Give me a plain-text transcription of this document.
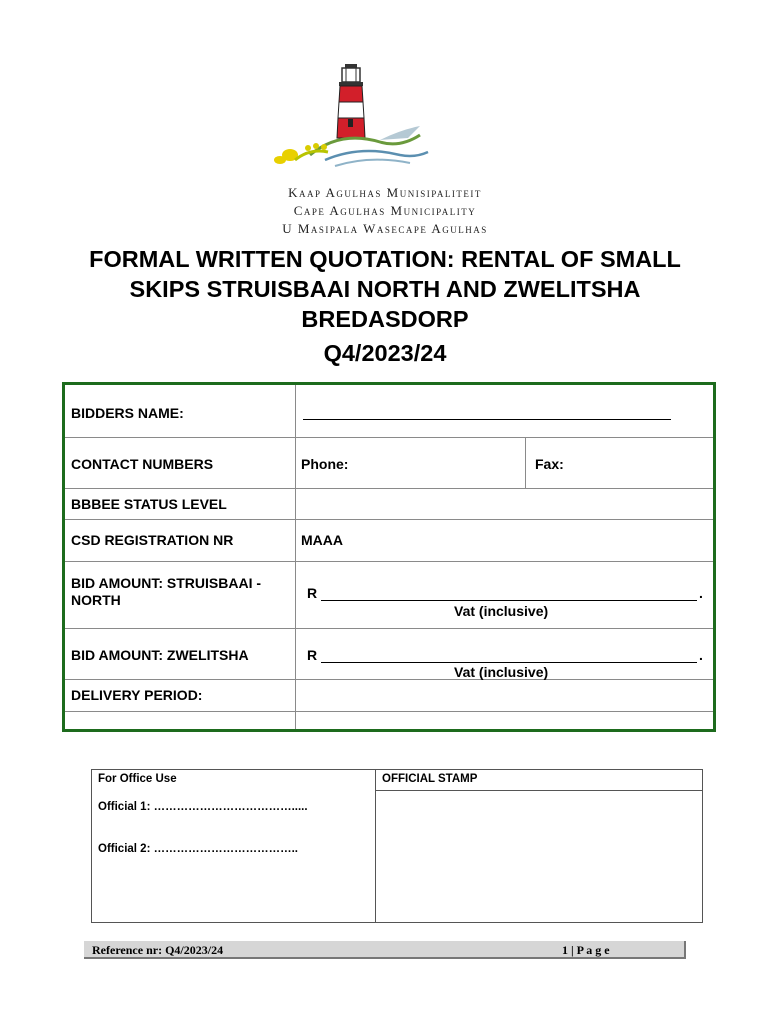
Kaap Agulhas Munisipaliteit
Cape Agulhas Municipality
U Masipala Wasecape Agulhas
FORMAL WRITTEN QUOTATION: RENTAL OF SMALL SKIPS STRUISBAAI NORTH AND ZWELITSHA BREDASDORP
Q4/2023/24
BIDDERS NAME:
CONTACT NUMBERS	Phone:	Fax:
BBBEE STATUS LEVEL
CSD REGISTRATION NR	MAAA
BID AMOUNT: STRUISBAAI - NORTH	R	.
Vat (inclusive)
BID AMOUNT: ZWELITSHA	R	.
Vat (inclusive)
DELIVERY PERIOD:
For Office Use	OFFICIAL STAMP
Official 1: ……………………………….....
Official 2: ………………………………..
Reference nr: Q4/2023/24	1 | P a g e
